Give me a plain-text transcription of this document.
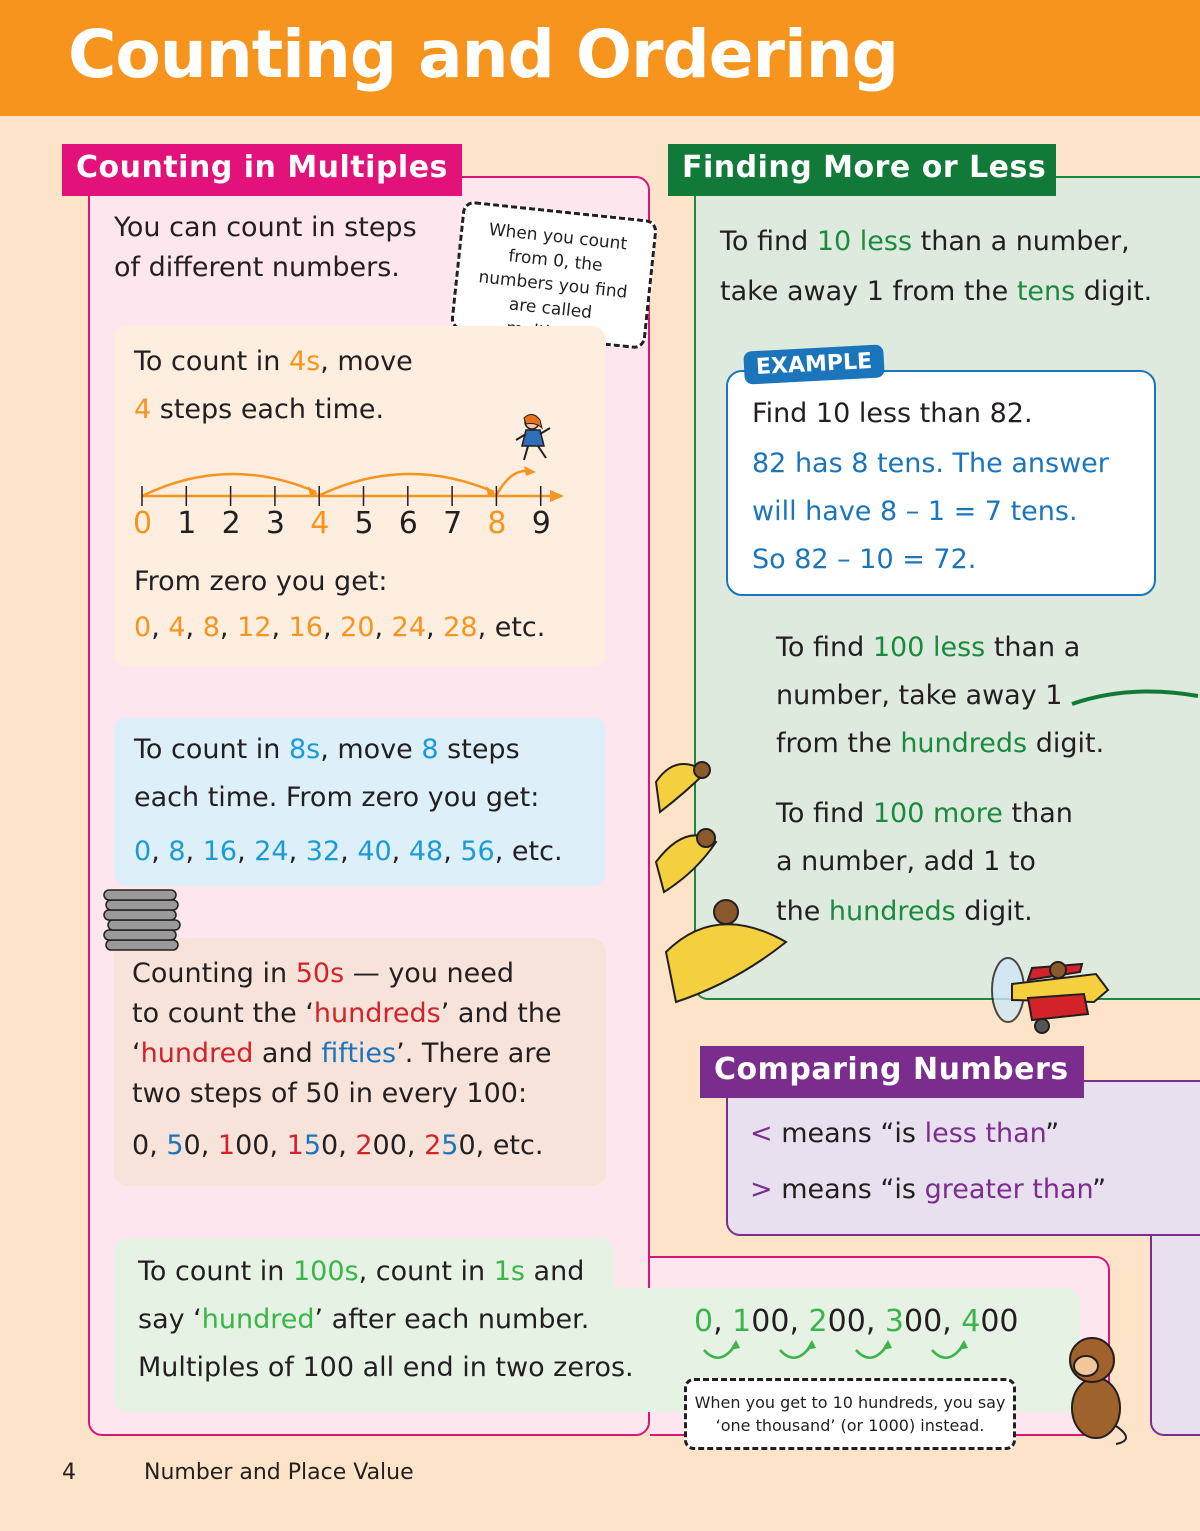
Counting and Ordering
Counting in Multiples	Finding More or Less
Comparing Numbers
You can count in steps of different numbers.
When you count from 0, the numbers you find are called
To count in 4s, move
4 steps each time.
0 1 2 3 4 5 6 7 8 9
From zero you get:
0, 4, 8, 12, 16, 20, 24, 28, etc.
To count in 8s, move 8 steps
each time. From zero you get:
0, 8, 16, 24, 32, 40, 48, 56, etc.
Counting in 50s — you need
to count the ‘hundreds’ and the
‘hundred and fifties’. There are
two steps of 50 in every 100:
0, 50, 100, 150, 200, 250, etc.
To count in 100s, count in 1s and
say ‘hundred’ after each number.
Multiples of 100 all end in two zeros.
0, 100, 200, 300, 400
When you get to 10 hundreds, you say ‘one thousand’ (or 1000) instead.
To find 10 less than a number,
take away 1 from the tens digit.
EXAMPLE
Find 10 less than 82.
82 has 8 tens. The answer
will have 8 – 1 = 7 tens.
So 82 – 10 = 72.
To find 100 less than a
number, take away 1
from the hundreds digit.
To find 100 more than
a number, add 1 to
the hundreds digit.
< means “is less than”
> means “is greater than”
4	Number and Place Value
